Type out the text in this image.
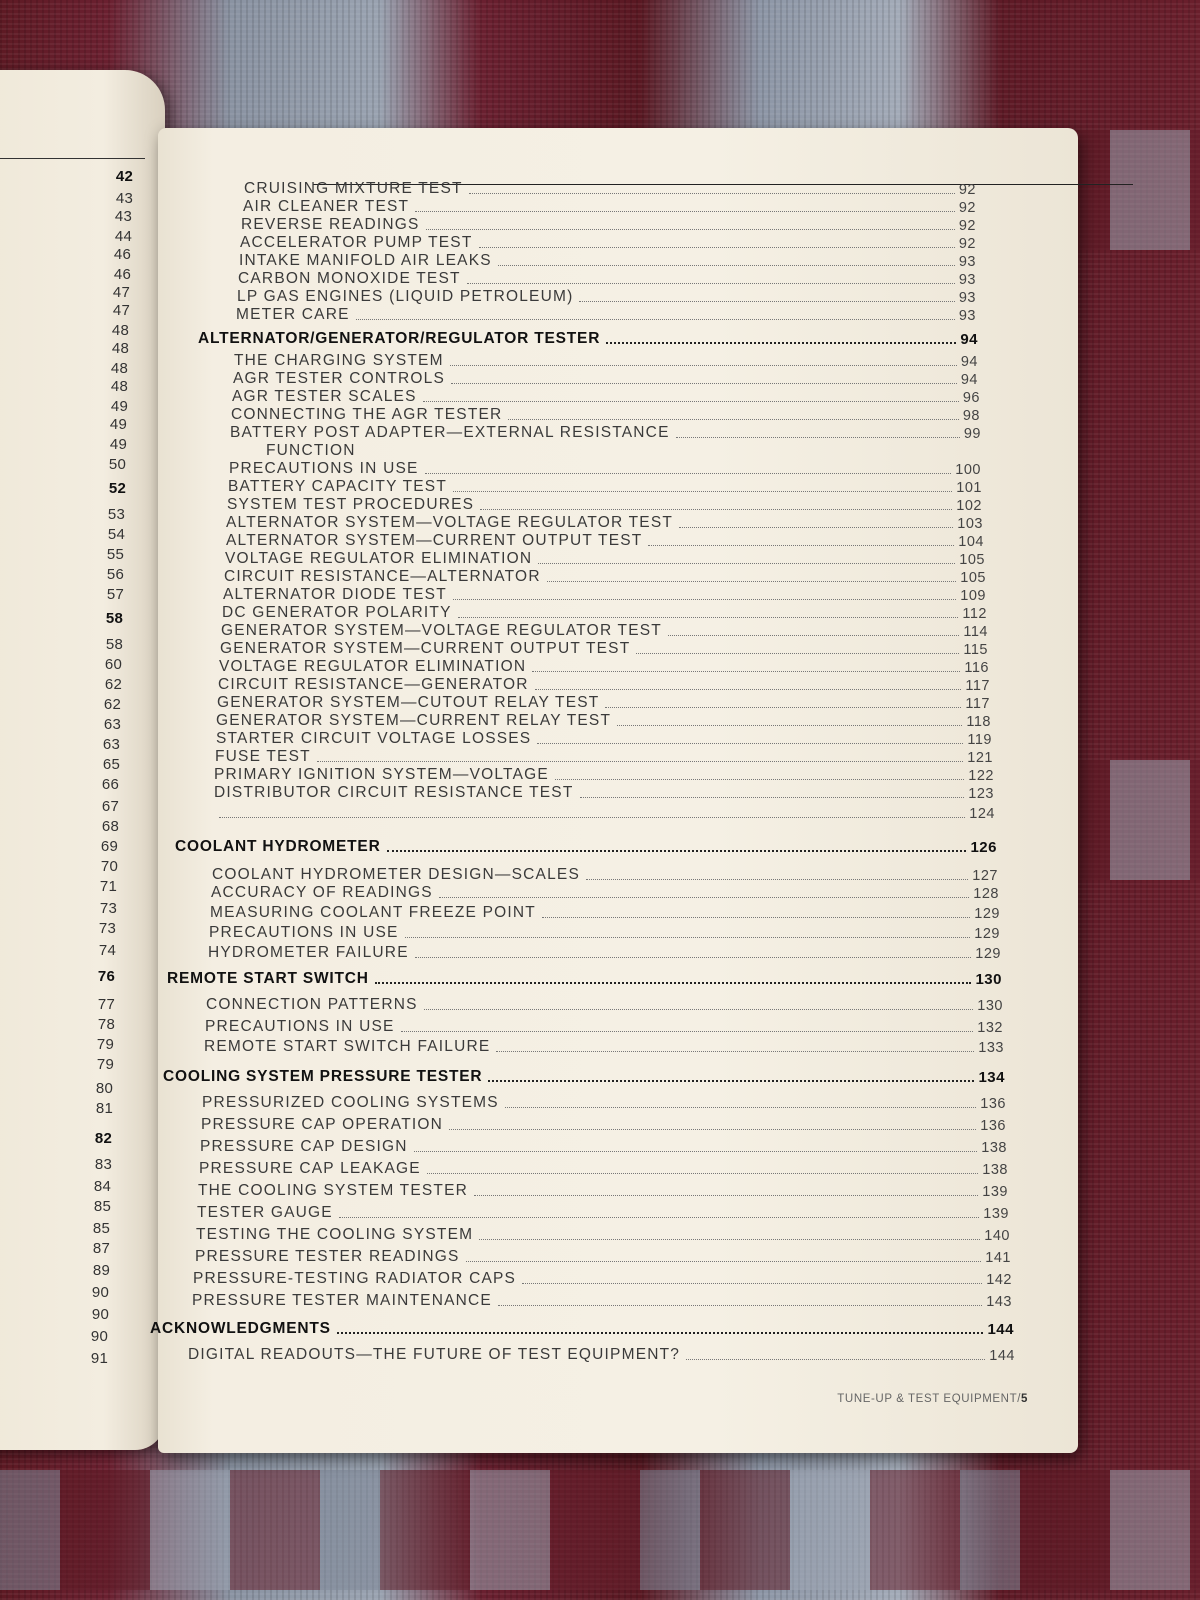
42
43
43
44
46
46
47
47
48
48
48
48
49
49
49
50
52
53
54
55
56
57
58
58
60
62
62
63
63
65
66
67
68
69
70
71
73
73
74
76
77
78
79
79
80
81
82
83
84
85
85
87
89
90
90
90
91
TUNE-UP & TEST EQUIPMENT/5
CRUISING MIXTURE TEST	92
AIR CLEANER TEST	92
REVERSE READINGS	92
ACCELERATOR PUMP TEST	92
INTAKE MANIFOLD AIR LEAKS	93
CARBON MONOXIDE TEST	93
LP GAS ENGINES (LIQUID PETROLEUM)	93
METER CARE	93
ALTERNATOR/GENERATOR/REGULATOR TESTER	94
THE CHARGING SYSTEM	94
AGR TESTER CONTROLS	94
AGR TESTER SCALES	96
CONNECTING THE AGR TESTER	98
BATTERY POST ADAPTER—EXTERNAL RESISTANCE	99
FUNCTION
PRECAUTIONS IN USE	100
BATTERY CAPACITY TEST	101
SYSTEM TEST PROCEDURES	102
ALTERNATOR SYSTEM—VOLTAGE REGULATOR TEST	103
ALTERNATOR SYSTEM—CURRENT OUTPUT TEST	104
VOLTAGE REGULATOR ELIMINATION	105
CIRCUIT RESISTANCE—ALTERNATOR	105
ALTERNATOR DIODE TEST	109
DC GENERATOR POLARITY	112
GENERATOR SYSTEM—VOLTAGE REGULATOR TEST	114
GENERATOR SYSTEM—CURRENT OUTPUT TEST	115
VOLTAGE REGULATOR ELIMINATION	116
CIRCUIT RESISTANCE—GENERATOR	117
GENERATOR SYSTEM—CUTOUT RELAY TEST	117
GENERATOR SYSTEM—CURRENT RELAY TEST	118
STARTER CIRCUIT VOLTAGE LOSSES	119
FUSE TEST	121
PRIMARY IGNITION SYSTEM—VOLTAGE	122
DISTRIBUTOR CIRCUIT RESISTANCE TEST	123
124
COOLANT HYDROMETER	126
COOLANT HYDROMETER DESIGN—SCALES	127
ACCURACY OF READINGS	128
MEASURING COOLANT FREEZE POINT	129
PRECAUTIONS IN USE	129
HYDROMETER FAILURE	129
REMOTE START SWITCH	130
CONNECTION PATTERNS	130
PRECAUTIONS IN USE	132
REMOTE START SWITCH FAILURE	133
COOLING SYSTEM PRESSURE TESTER	134
PRESSURIZED COOLING SYSTEMS	136
PRESSURE CAP OPERATION	136
PRESSURE CAP DESIGN	138
PRESSURE CAP LEAKAGE	138
THE COOLING SYSTEM TESTER	139
TESTER GAUGE	139
TESTING THE COOLING SYSTEM	140
PRESSURE TESTER READINGS	141
PRESSURE-TESTING RADIATOR CAPS	142
PRESSURE TESTER MAINTENANCE	143
ACKNOWLEDGMENTS	144
DIGITAL READOUTS—THE FUTURE OF TEST EQUIPMENT?	144
